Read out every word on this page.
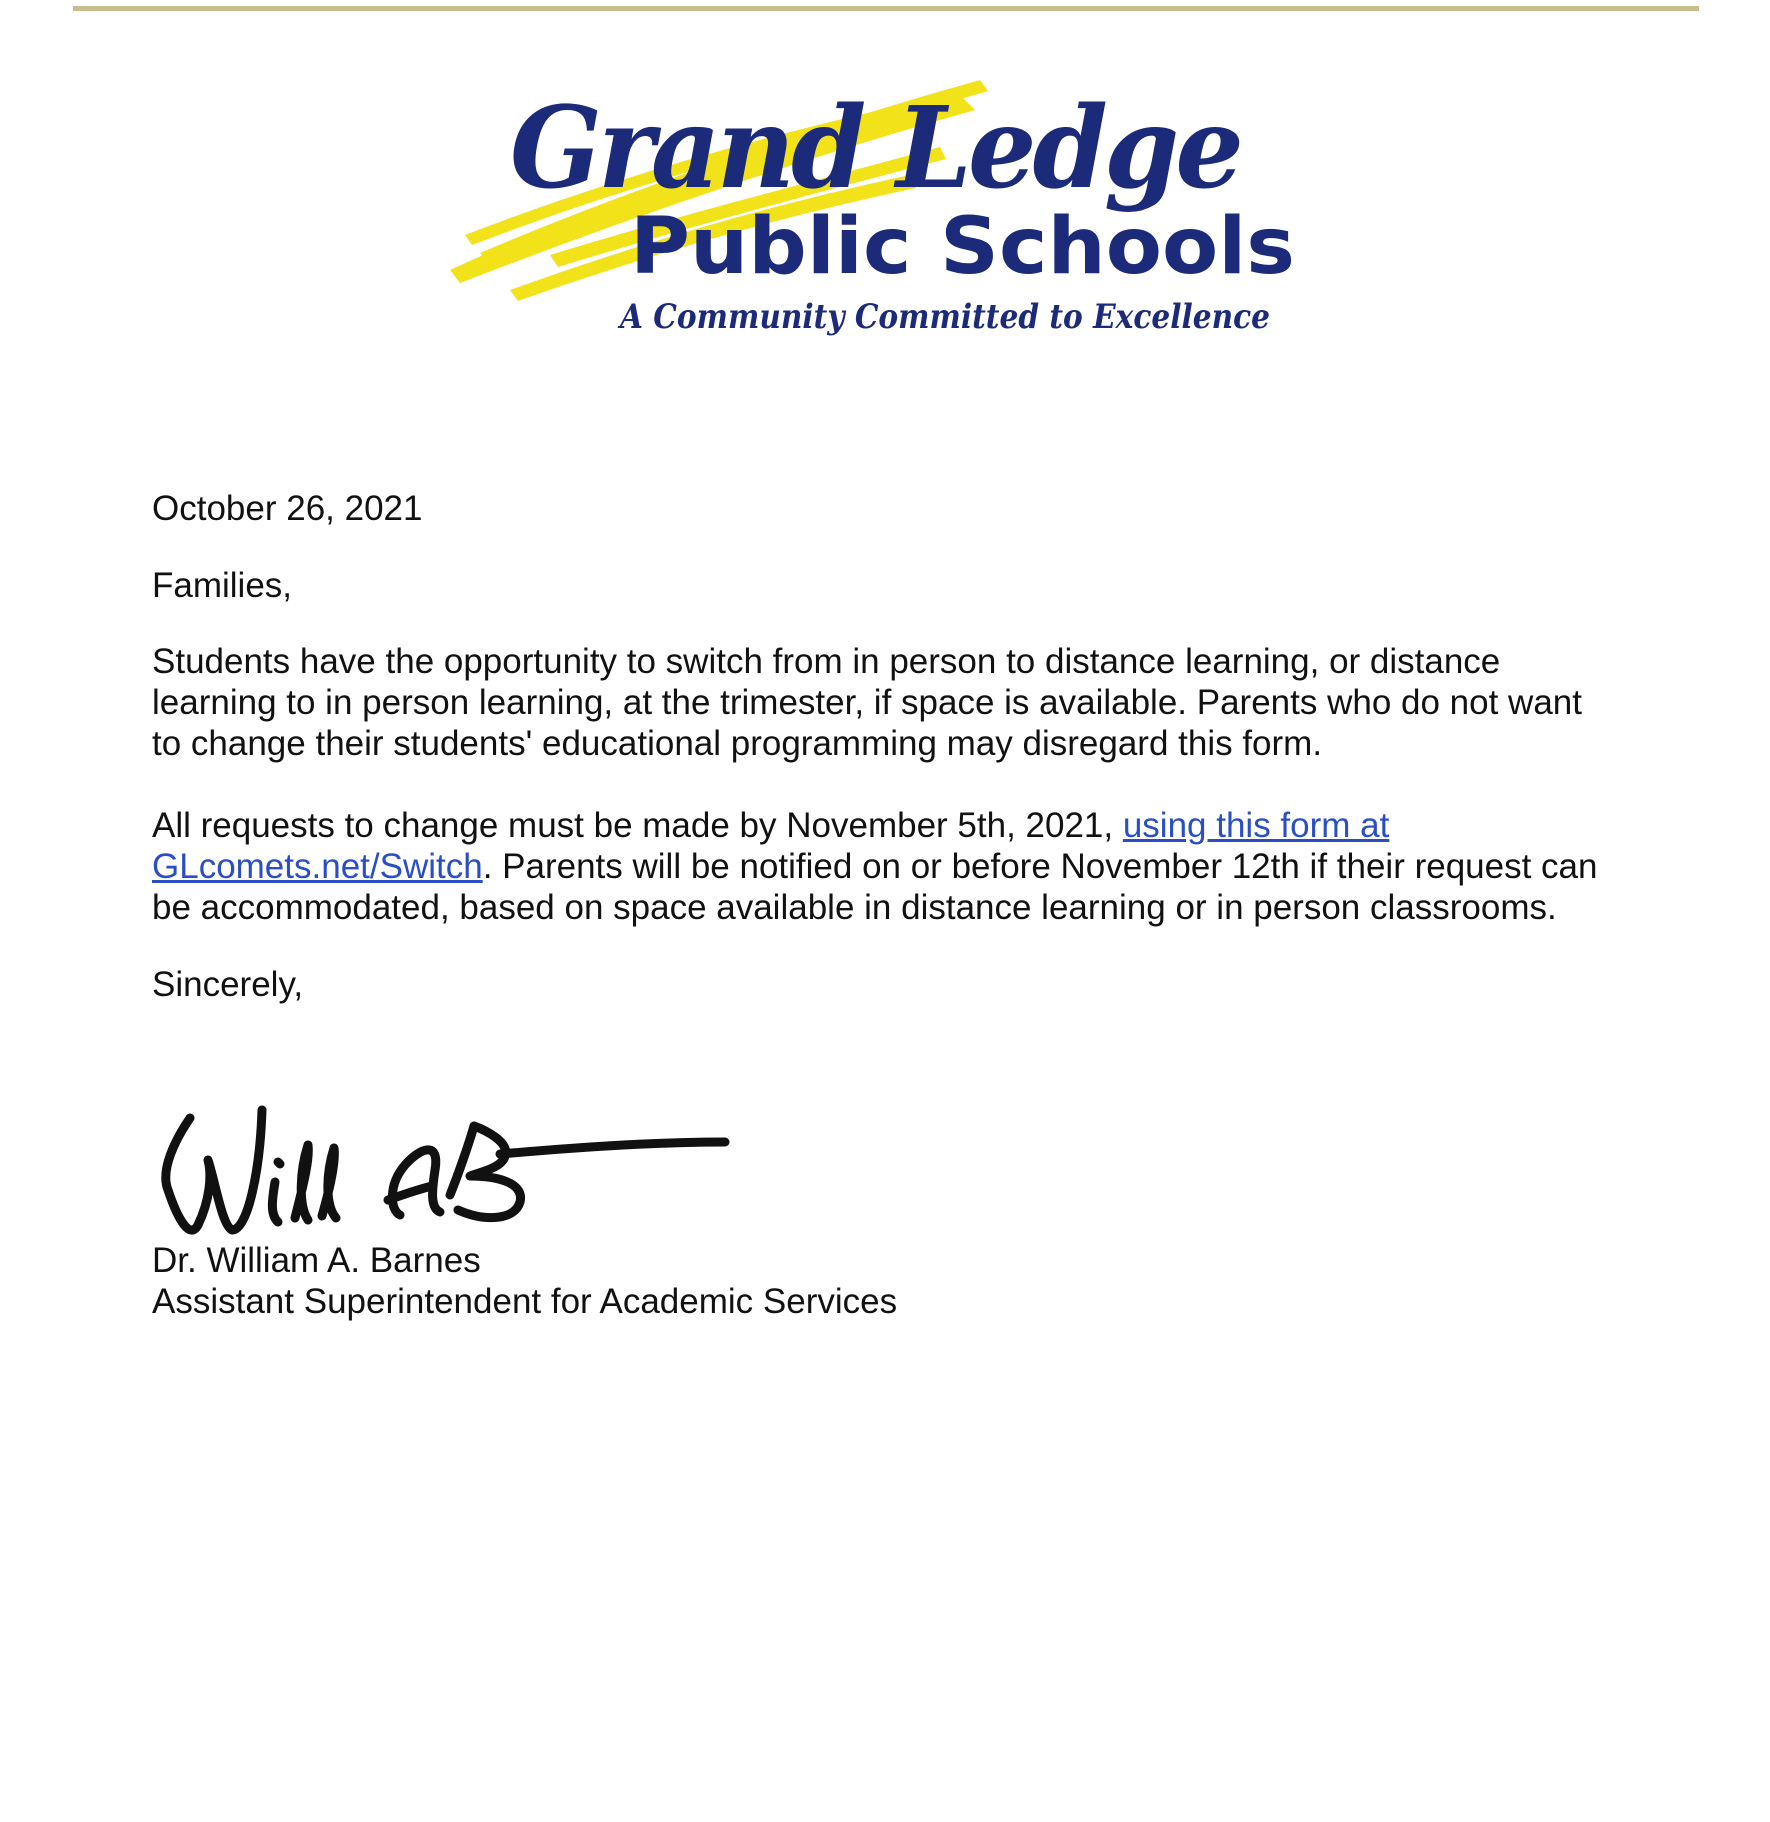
Grand Ledge
Public Schools
A Community Committed to Excellence

October 26, 2021

Families,

Students have the opportunity to switch from in person to distance learning, or distance learning to in person learning, at the trimester, if space is available. Parents who do not want to change their students' educational programming may disregard this form.

All requests to change must be made by November 5th, 2021, using this form at GLcomets.net/Switch. Parents will be notified on or before November 12th if their request can be accommodated, based on space available in distance learning or in person classrooms.

Sincerely,

Dr. William A. Barnes
Assistant Superintendent for Academic Services
